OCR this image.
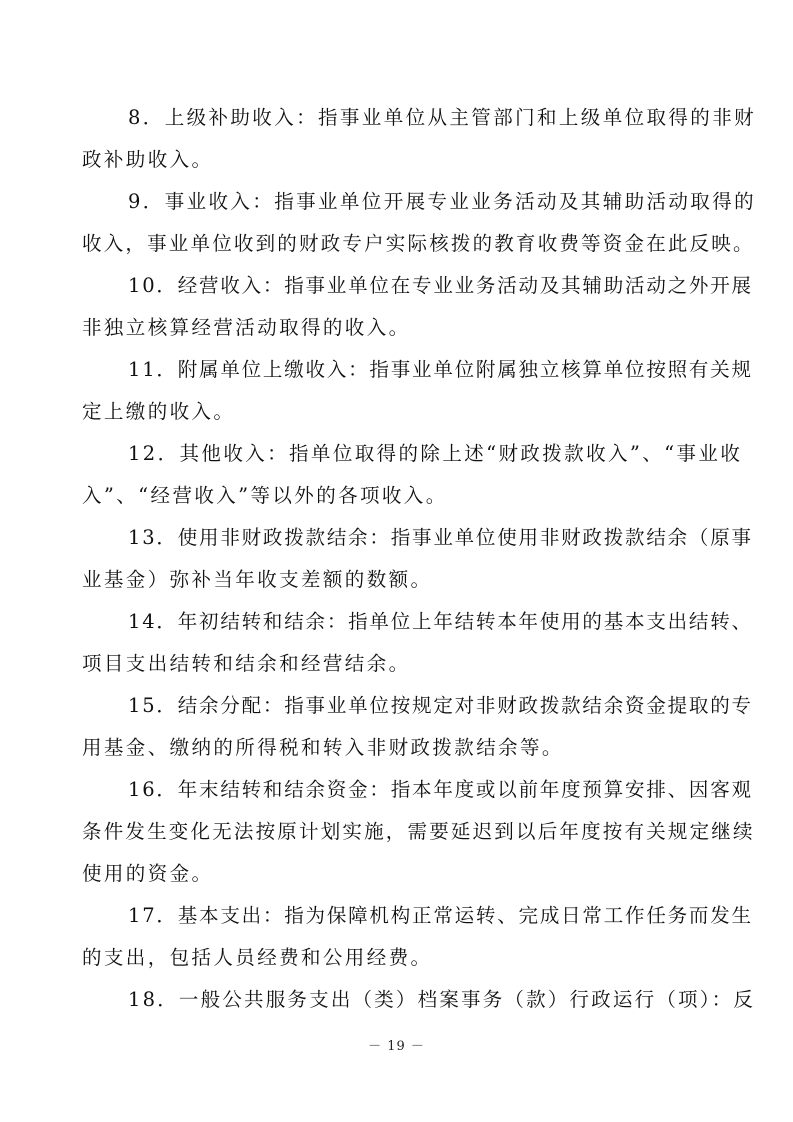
8．上级补助收入：指事业单位从主管部门和上级单位取得的非财
政补助收入。
9．事业收入：指事业单位开展专业业务活动及其辅助活动取得的
收入，事业单位收到的财政专户实际核拨的教育收费等资金在此反映。
10．经营收入：指事业单位在专业业务活动及其辅助活动之外开展
非独立核算经营活动取得的收入。
11．附属单位上缴收入：指事业单位附属独立核算单位按照有关规
定上缴的收入。
12．其他收入：指单位取得的除上述“财政拨款收入”、“事业收
入”、“经营收入”等以外的各项收入。
13．使用非财政拨款结余：指事业单位使用非财政拨款结余（原事
业基金）弥补当年收支差额的数额。
14．年初结转和结余：指单位上年结转本年使用的基本支出结转、
项目支出结转和结余和经营结余。
15．结余分配：指事业单位按规定对非财政拨款结余资金提取的专
用基金、缴纳的所得税和转入非财政拨款结余等。
16．年末结转和结余资金：指本年度或以前年度预算安排、因客观
条件发生变化无法按原计划实施，需要延迟到以后年度按有关规定继续
使用的资金。
17．基本支出：指为保障机构正常运转、完成日常工作任务而发生
的支出，包括人员经费和公用经费。
18．一般公共服务支出（类）档案事务（款）行政运行（项）：反
－ 19 －
